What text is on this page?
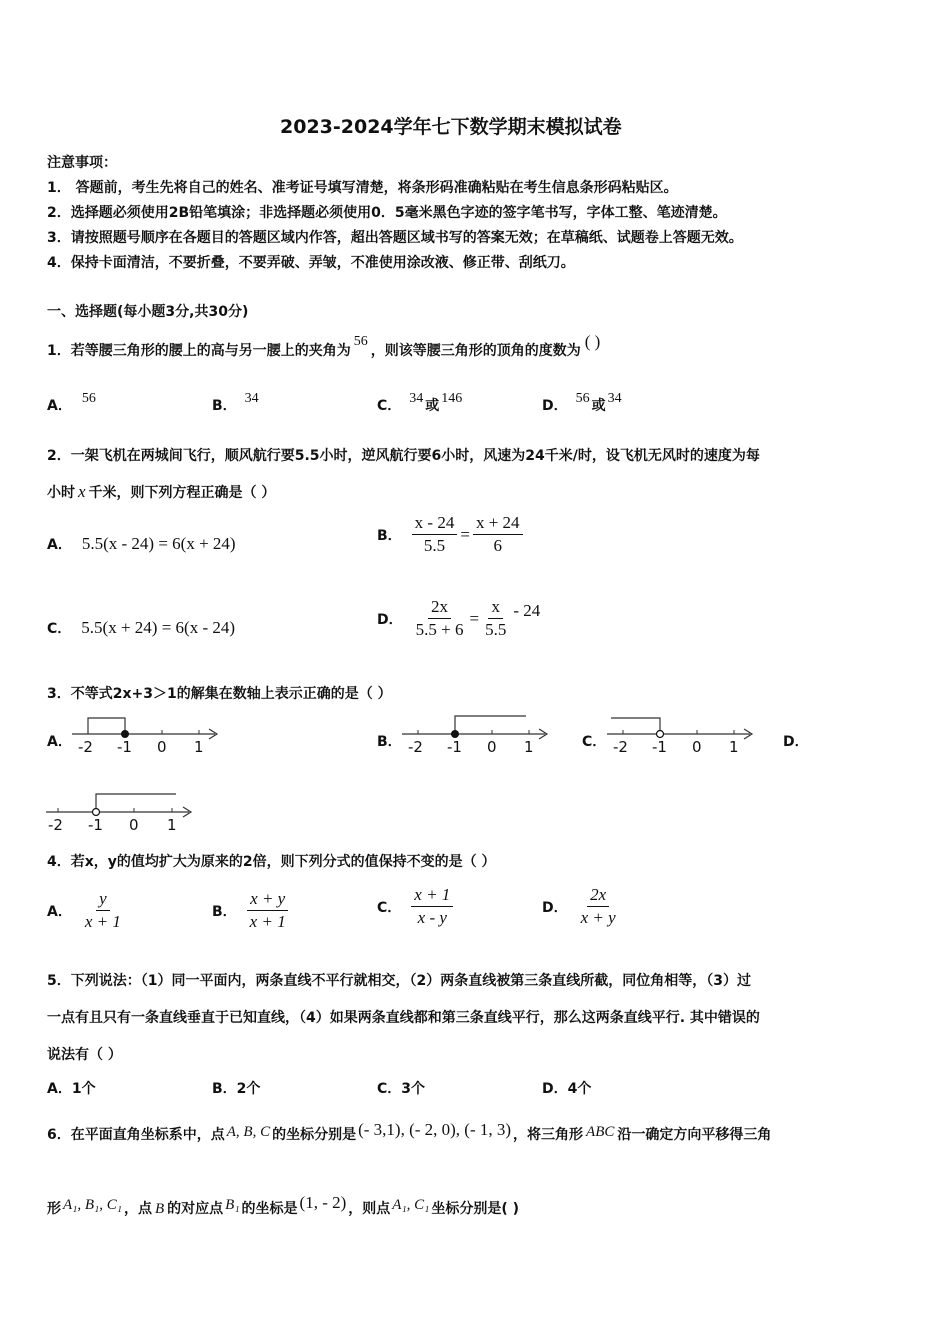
2023-2024学年七下数学期末模拟试卷
注意事项：
1． 答题前，考生先将自己的姓名、准考证号填写清楚，将条形码准确粘贴在考生信息条形码粘贴区。
2．选择题必须使用2B铅笔填涂；非选择题必须使用0．5毫米黑色字迹的签字笔书写，字体工整、笔迹清楚。
3．请按照题号顺序在各题目的答题区域内作答，超出答题区域书写的答案无效；在草稿纸、试题卷上答题无效。
4．保持卡面清洁，不要折叠，不要弄破、弄皱，不准使用涂改液、修正带、刮纸刀。
一、选择题(每小题3分,共30分)
1．若等腰三角形的腰上的高与另一腰上的夹角为56，则该等腰三角形的顶角的度数为 ( )
A． 56	B． 34	C． 34 或 146	D． 56 或 34
2．一架飞机在两城间飞行，顺风航行要5.5小时，逆风航行要6小时，风速为24千米/时，设飞机无风时的速度为每
小时 x 千米，则下列方程正确是（ ）
A． 5.5(x - 24) = 6(x + 24)	B． $\frac{x - 24}{5.5} = \frac{x + 24}{6}$
C． 5.5(x + 24) = 6(x - 24)	D． $\frac{2x}{5.5 + 6} = \frac{x}{5.5} - 24$
3．不等式2x+3＞1的解集在数轴上表示正确的是（ ）
A． -2 -1 0 1	B． -2 -1 0 1	C． -2 -1 0 1	D．
-2 -1 0 1
4．若x，y的值均扩大为原来的2倍，则下列分式的值保持不变的是（ ）
A． $\frac{y}{x + 1}$	B． $\frac{x + y}{x + 1}$	C． $\frac{x + 1}{x - y}$	D． $\frac{2x}{x + y}$
5．下列说法：（1）同一平面内，两条直线不平行就相交，（2）两条直线被第三条直线所截，同位角相等，（3）过
一点有且只有一条直线垂直于已知直线，（4）如果两条直线都和第三条直线平行，那么这两条直线平行. 其中错误的
说法有（ ）
A．1个	B．2个	C．3个	D．4个
6．在平面直角坐标系中，点 A, B, C 的坐标分别是 (- 3,1), (- 2, 0), (- 1, 3) ，将三角形 ABC 沿一确定方向平移得三角
形 A₁, B₁, C₁ ，点 B 的对应点 B₁ 的坐标是 (1, - 2) ，则点 A₁, C₁ 坐标分别是( )
